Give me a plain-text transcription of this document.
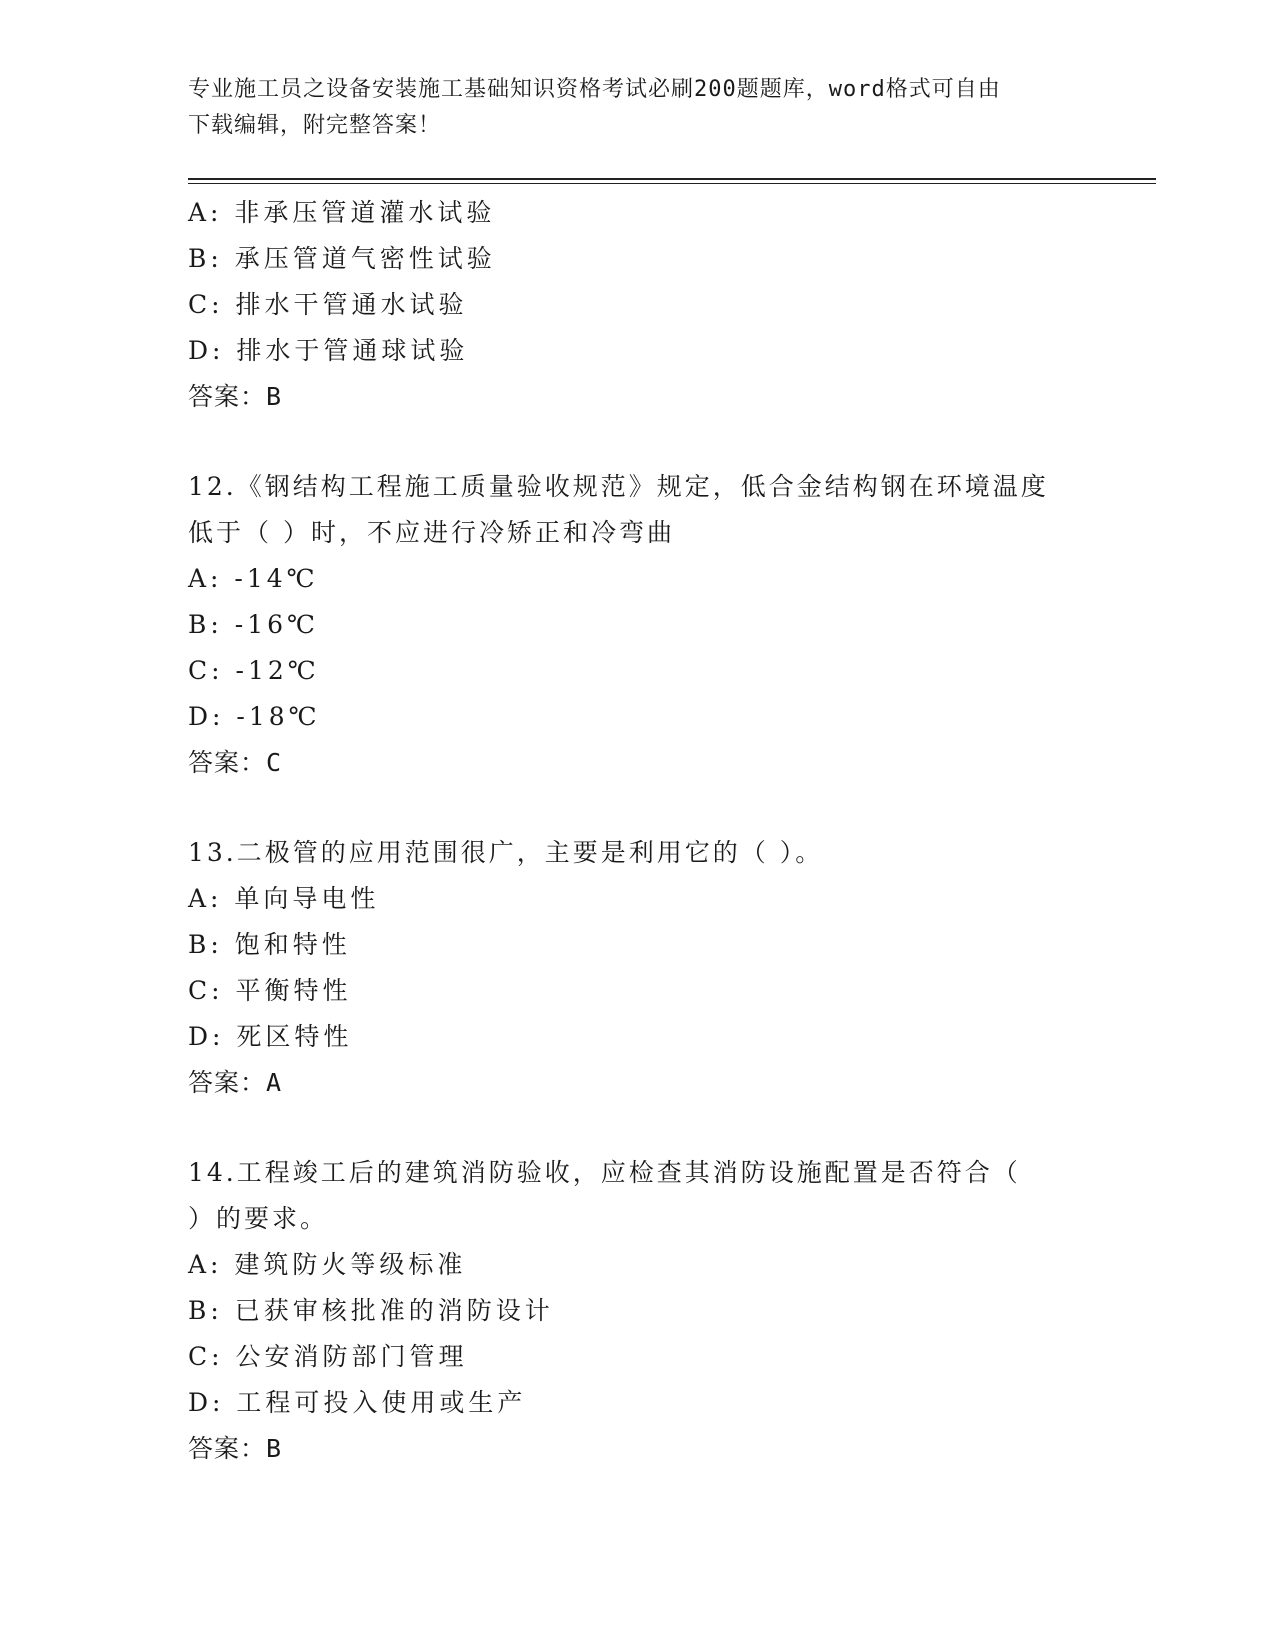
专业施工员之设备安装施工基础知识资格考试必刷200题题库，word格式可自由
下载编辑，附完整答案！
A: 非承压管道灌水试验
B: 承压管道气密性试验
C: 排水干管通水试验
D: 排水于管通球试验
答案：B
12.《钢结构工程施工质量验收规范》规定，低合金结构钢在环境温度
低于（ ）时，不应进行冷矫正和冷弯曲
A: -14℃
B: -16℃
C: -12℃
D: -18℃
答案：C
13.二极管的应用范围很广，主要是利用它的（ ）。
A: 单向导电性
B: 饱和特性
C: 平衡特性
D: 死区特性
答案：A
14.工程竣工后的建筑消防验收，应检查其消防设施配置是否符合（
）的要求。
A: 建筑防火等级标准
B: 已获审核批准的消防设计
C: 公安消防部门管理
D: 工程可投入使用或生产
答案：B
